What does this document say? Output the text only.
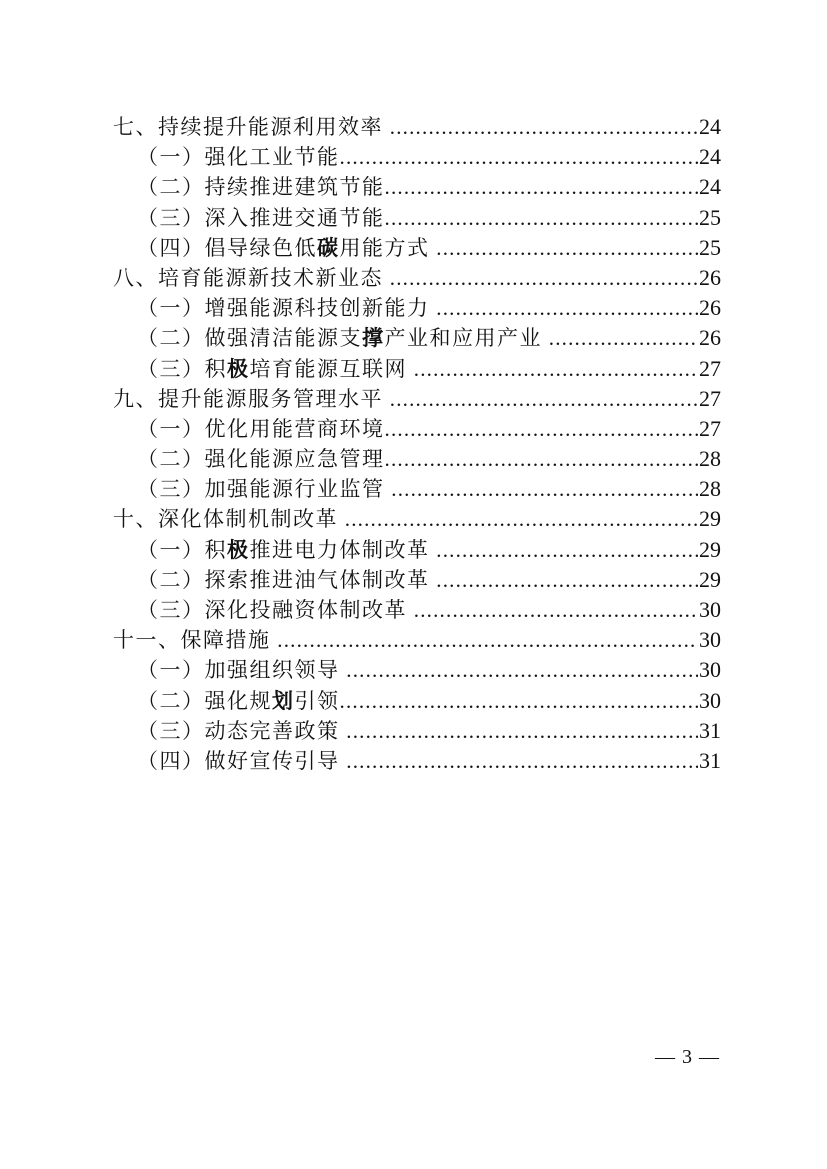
七、持续提升能源利用效率 .....	24
（一）强化工业节能 .....	24
（二）持续推进建筑节能 .....	24
（三）深入推进交通节能 .....	25
（四）倡导绿色低碳用能方式 .....	25
八、培育能源新技术新业态 .....	26
（一）增强能源科技创新能力 .....	26
（二）做强清洁能源支撑产业和应用产业 .....	26
（三）积极培育能源互联网 .....	27
九、提升能源服务管理水平 .....	27
（一）优化用能营商环境 .....	27
（二）强化能源应急管理 .....	28
（三）加强能源行业监管 .....	28
十、深化体制机制改革 .....	29
（一）积极推进电力体制改革 .....	29
（二）探索推进油气体制改革 .....	29
（三）深化投融资体制改革 .....	30
十一、保障措施 .....	30
（一）加强组织领导 .....	30
（二）强化规划引领 .....	30
（三）动态完善政策 .....	31
（四）做好宣传引导 .....	31
— 3 —
